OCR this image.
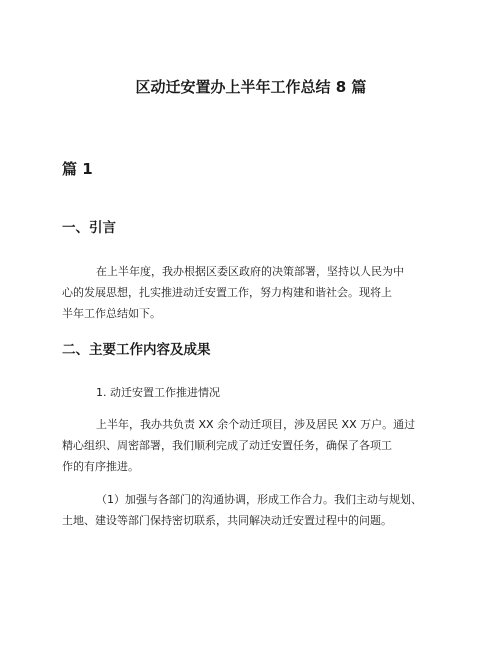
区动迁安置办上半年工作总结 8 篇
篇 1
一、引言
在上半年度，我办根据区委区政府的决策部署，坚持以人民为中
心的发展思想，扎实推进动迁安置工作，努力构建和谐社会。现将上
半年工作总结如下。
二、主要工作内容及成果
1. 动迁安置工作推进情况
上半年，我办共负责 XX 余个动迁项目，涉及居民 XX 万户。通过
精心组织、周密部署，我们顺利完成了动迁安置任务，确保了各项工
作的有序推进。
（1）加强与各部门的沟通协调，形成工作合力。我们主动与规划、
土地、建设等部门保持密切联系，共同解决动迁安置过程中的问题。
